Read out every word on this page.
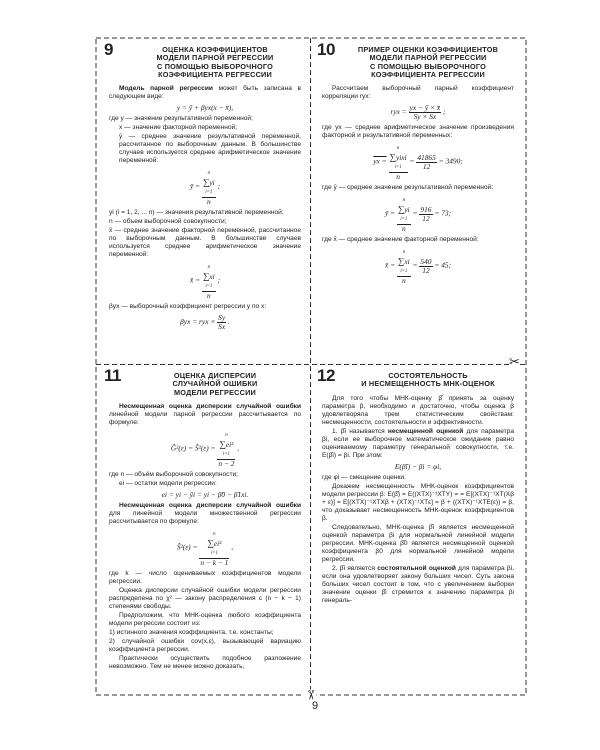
✂
✂
9	ОЦЕНКА КОЭФФИЦИЕНТОВ
МОДЕЛИ ПАРНОЙ РЕГРЕССИИ
С ПОМОЩЬЮ ВЫБОРОЧНОГО
КОЭФФИЦИЕНТА РЕГРЕССИИ

Модель парной регрессии может быть записана в следующем виде:

y = ȳ + βyx(x − x̄),

где y — значение результативной переменной;

x — значение факторной переменной;

ȳ — среднее значение результативной переменной, рассчитанное по выборочным данным. В большинстве случаев используется среднее арифметическое значение переменной:

ȳ =
n
∑yi
i=1
n
;

yi (i = 1, 2, ... n) — значения результативной переменной;

n — объем выборочной совокупности;

x̄ — среднее значение факторной переменной, рассчитанное по выборочным данным. В большинстве случаев используется среднее арифметическое значение переменной:

x̄ =
n
∑xi
i=1
n
;

βyx — выборочный коэффициент регрессии y по x:

βyx = ryx × $\frac{Sy}{Sx}$ .
10	ПРИМЕР ОЦЕНКИ КОЭФФИЦИЕНТОВ
МОДЕЛИ ПАРНОЙ РЕГРЕССИИ
С ПОМОЩЬЮ ВЫБОРОЧНОГО
КОЭФФИЦИЕНТА РЕГРЕССИИ

Рассчитаем выборочный парный коэффициент корреляции ryx:

ryx = $\frac{yx - ȳ \times x̄}{Sy \times Sx}$ ;

где yx — среднее арифметическое значение произведения факторной и результативной переменных:

yx =
n
∑yixi
i=1
n
= $\frac{41865}{12} = 3490$;

где ȳ — среднее значение результативной переменной:

ȳ =
n
∑yi
i=1
n
= $\frac{916}{12} = 73$;

где x̄ — среднее значение факторной переменной:

x̄ =
n
∑xi
i=1
n
= $\frac{540}{12} = 45$;
11	ОЦЕНКА ДИСПЕРСИИ
СЛУЧАЙНОЙ ОШИБКИ
МОДЕЛИ РЕГРЕССИИ

Несмещенная оценка дисперсии случайной ошибки линейной модели парной регрессии рассчитывается по формуле:

Ĝ²(ε) = Ŝ²(ε) =
n
∑ei²
i=1
n − 2
,

где n — объём выборочной совокупности;

ei — остатки модели регрессии:

ei = yi − ŷi = yi − β̂0 − β̂1xi.

Несмещенная оценка дисперсии случайной ошибки для линейной модели множественной регрессии рассчитывается по формуле:

Ŝ²(ε) =
n
∑ei²
i=1
n − k − 1
,

где k — число оцениваемых коэффициентов модели регрессии.

Оценка дисперсии случайной ошибки модели регрессии распределена по χ² — закону распределения с (n − k − 1) степенями свободы.

Предположим, что МНК-оценка любого коэффициента модели регрессии состоит из:

1) истинного значения коэффициента, т.е. константы;

2) случайной ошибки cov(x,ε), вызывающей вариацию коэффициента регрессии.

Практически осуществить подобное разложение невозможно. Тем не менее можно доказать,

12	СОСТОЯТЕЛЬНОСТЬ
И НЕСМЕЩЕННОСТЬ МНК-ОЦЕНОК

Для того чтобы МНК-оценку β̂ принять за оценку параметра β, необходимо и достаточно, чтобы оценка β удовлетворяла трем статистическим свойствам: несмещенности, состоятельности и эффективности.

1. β̂i называется несмещенной оценкой для параметра βi, если ее выборочное математическое ожидание равно оцениваемому параметру генеральной совокупности, т.е. E(β̂i) = βi. При этом:

E(β̂i) − βi = φi,

где φi — смещение оценки.

Докажем несмещенность МНК-оценок коэффициентов модели регрессии β: E(β̂) = E((XTX)⁻¹XTY) = = E[(XTX)⁻¹XT(Xβ + ε)] = E[(XTX)⁻¹XTXβ + (XTX)⁻¹XTε] = β + ((XTX)⁻¹XTE(ε)) = β, что доказывает несмещенность МНК-оценок коэффициентов β.

Следовательно, МНК-оценка β̂i является несмещенной оценкой параметра βi для нормальной линейной модели регрессии. МНК-оценка β̂0 является несмещенной оценкой коэффициента β0 для нормальной линейной модели регрессии.

2. β̂i является состоятельной оценкой для параметра βi, если она удовлетворяет закону больших чисел. Суть закона больших чисел состоит в том, что с увеличением выборки значение оценки β̂i стремится к значению параметра βi генераль-

9
